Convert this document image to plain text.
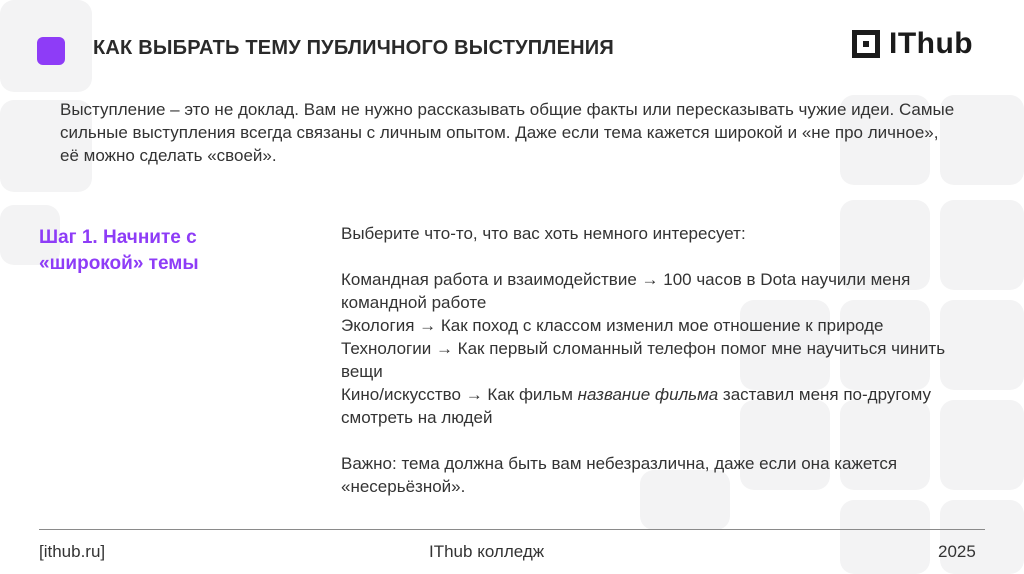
КАК ВЫБРАТЬ ТЕМУ ПУБЛИЧНОГО ВЫСТУПЛЕНИЯ	IThub
Выступление – это не доклад. Вам не нужно рассказывать общие факты или пересказывать чужие идеи. Самые сильные выступления всегда связаны с личным опытом. Даже если тема кажется широкой и «не про личное», её можно сделать «своей».
Шаг 1. Начните с «широкой» темы

Выберите что-то, что вас хоть немного интересует:

Командная работа и взаимодействие → 100 часов в Dota научили меня командной работе

Экология → Как поход с классом изменил мое отношение к природе

Технологии → Как первый сломанный телефон помог мне научиться чинить вещи

Кино/искусство → Как фильм название фильма заставил меня по-другому смотреть на людей

Важно: тема должна быть вам небезразлична, даже если она кажется «несерьёзной».

[ithub.ru]	IThub колледж	2025
